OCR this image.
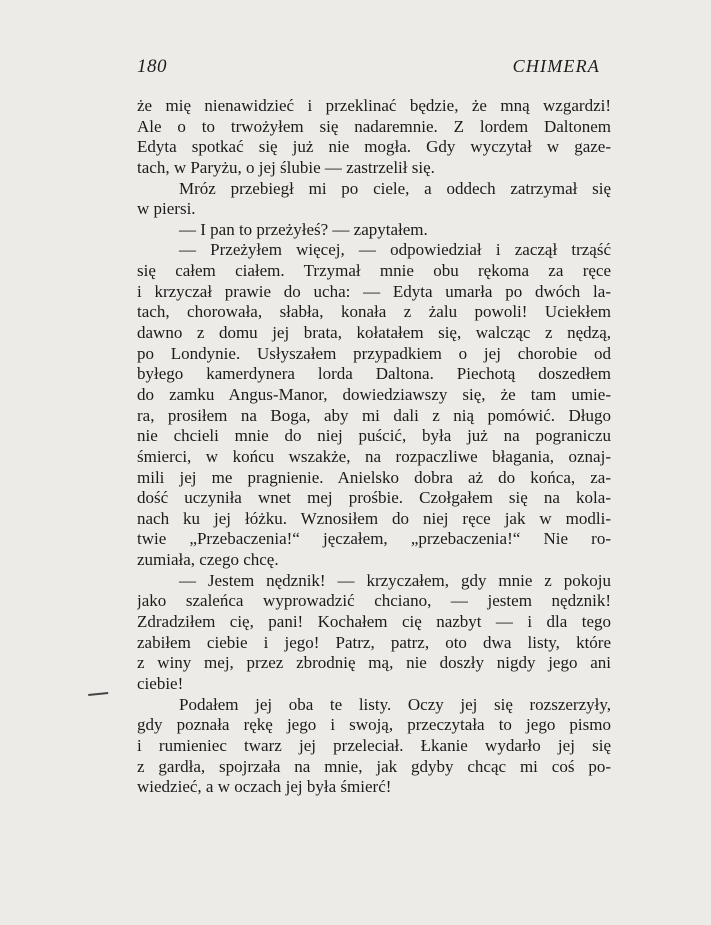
180	CHIMERA
że mię nienawidzieć i przeklinać będzie, że mną wzgardzi!
Ale o to trwożyłem się nadaremnie. Z lordem Daltonem
Edyta spotkać się już nie mogła. Gdy wyczytał w gaze-
tach, w Paryżu, o jej ślubie — zastrzelił się.
Mróz przebiegł mi po ciele, a oddech zatrzymał się
w piersi.
— I pan to przeżyłeś? — zapytałem.
— Przeżyłem więcej, — odpowiedział i zaczął trząść
się całem ciałem. Trzymał mnie obu rękoma za ręce
i krzyczał prawie do ucha: — Edyta umarła po dwóch la-
tach, chorowała, słabła, konała z żalu powoli! Uciekłem
dawno z domu jej brata, kołatałem się, walcząc z nędzą,
po Londynie. Usłyszałem przypadkiem o jej chorobie od
byłego kamerdynera lorda Daltona. Piechotą doszedłem
do zamku Angus-Manor, dowiedziawszy się, że tam umie-
ra, prosiłem na Boga, aby mi dali z nią pomówić. Długo
nie chcieli mnie do niej puścić, była już na pograniczu
śmierci, w końcu wszakże, na rozpaczliwe błagania, oznaj-
mili jej me pragnienie. Anielsko dobra aż do końca, za-
dość uczyniła wnet mej prośbie. Czołgałem się na kola-
nach ku jej łóżku. Wznosiłem do niej ręce jak w modli-
twie „Przebaczenia!“ jęczałem, „przebaczenia!“ Nie ro-
zumiała, czego chcę.
— Jestem nędznik! — krzyczałem, gdy mnie z pokoju
jako szaleńca wyprowadzić chciano, — jestem nędznik!
Zdradziłem cię, pani! Kochałem cię nazbyt — i dla tego
zabiłem ciebie i jego! Patrz, patrz, oto dwa listy, które
z winy mej, przez zbrodnię mą, nie doszły nigdy jego ani
ciebie!
Podałem jej oba te listy. Oczy jej się rozszerzyły,
gdy poznała rękę jego i swoją, przeczytała to jego pismo
i rumieniec twarz jej przeleciał. Łkanie wydarło jej się
z gardła, spojrzała na mnie, jak gdyby chcąc mi coś po-
wiedzieć, a w oczach jej była śmierć!
